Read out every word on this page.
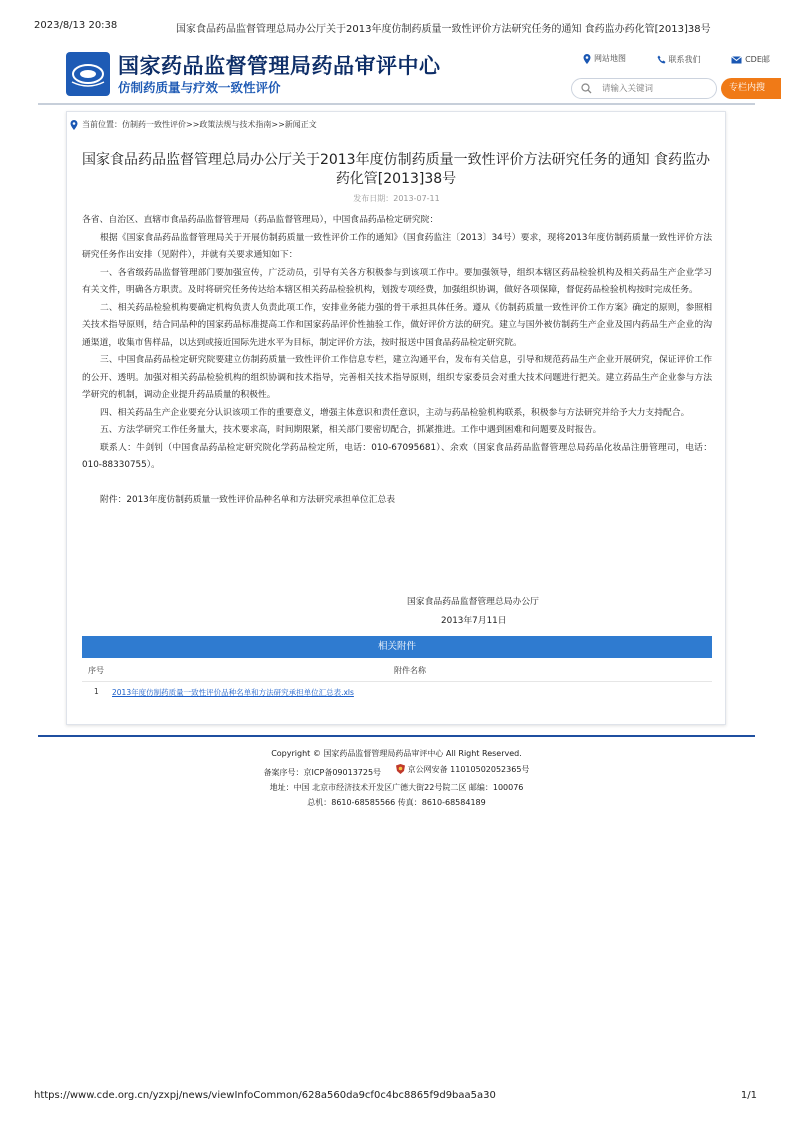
2023/8/13 20:38	国家食品药品监督管理总局办公厅关于2013年度仿制药质量一致性评价方法研究任务的通知 食药监办药化管[2013]38号
国家药品监督管理局药品审评中心
仿制药质量与疗效一致性评价
网站地图
	联系我们
	CDE邮
请输入关键词
专栏内搜
当前位置：仿制药一致性评价>>政策法规与技术指南>>新闻正文
国家食品药品监督管理总局办公厅关于2013年度仿制药质量一致性评价方法研究任务的通知 食药监办药化管[2013]38号
发布日期：2013-07-11

各省、自治区、直辖市食品药品监督管理局（药品监督管理局），中国食品药品检定研究院：

根据《国家食品药品监督管理局关于开展仿制药质量一致性评价工作的通知》（国食药监注〔2013〕34号）要求，现将2013年度仿制药质量一致性评价方法研究任务作出安排（见附件），并就有关要求通知如下：

一、各省级药品监督管理部门要加强宣传，广泛动员，引导有关各方积极参与到该项工作中。要加强领导，组织本辖区药品检验机构及相关药品生产企业学习有关文件，明确各方职责。及时将研究任务传达给本辖区相关药品检验机构，划拨专项经费，加强组织协调，做好各项保障，督促药品检验机构按时完成任务。

二、相关药品检验机构要确定机构负责人负责此项工作，安排业务能力强的骨干承担具体任务。遵从《仿制药质量一致性评价工作方案》确定的原则，参照相关技术指导原则，结合同品种的国家药品标准提高工作和国家药品评价性抽验工作，做好评价方法的研究。建立与国外被仿制药生产企业及国内药品生产企业的沟通渠道，收集市售样品，以达到或接近国际先进水平为目标，制定评价方法，按时报送中国食品药品检定研究院。

三、中国食品药品检定研究院要建立仿制药质量一致性评价工作信息专栏，建立沟通平台，发布有关信息，引导和规范药品生产企业开展研究，保证评价工作的公开、透明。加强对相关药品检验机构的组织协调和技术指导，完善相关技术指导原则，组织专家委员会对重大技术问题进行把关。建立药品生产企业参与方法学研究的机制，调动企业提升药品质量的积极性。

四、相关药品生产企业要充分认识该项工作的重要意义，增强主体意识和责任意识，主动与药品检验机构联系，积极参与方法研究并给予大力支持配合。

五、方法学研究工作任务量大，技术要求高，时间期限紧，相关部门要密切配合，抓紧推进。工作中遇到困难和问题要及时报告。

联系人：牛剑钊（中国食品药品检定研究院化学药品检定所，电话：010-67095681）、余欢（国家食品药品监督管理总局药品化妆品注册管理司，电话：010-88330755）。

附件：2013年度仿制药质量一致性评价品种名单和方法研究承担单位汇总表

国家食品药品监督管理总局办公厅
2013年7月11日
相关附件
序号	附件名称
1 2013年度仿制药质量一致性评价品种名单和方法研究承担单位汇总表.xls

Copyright © 国家药品监督管理局药品审评中心 All Right Reserved.

备案序号：京ICP备09013725号	京公网安备 11010502052365号

地址：中国 北京市经济技术开发区广德大街22号院二区 邮编：100076

总机：8610-68585566 传真：8610-68584189

https://www.cde.org.cn/yzxpj/news/viewInfoCommon/628a560da9cf0c4bc8865f9d9baa5a30	1/1
